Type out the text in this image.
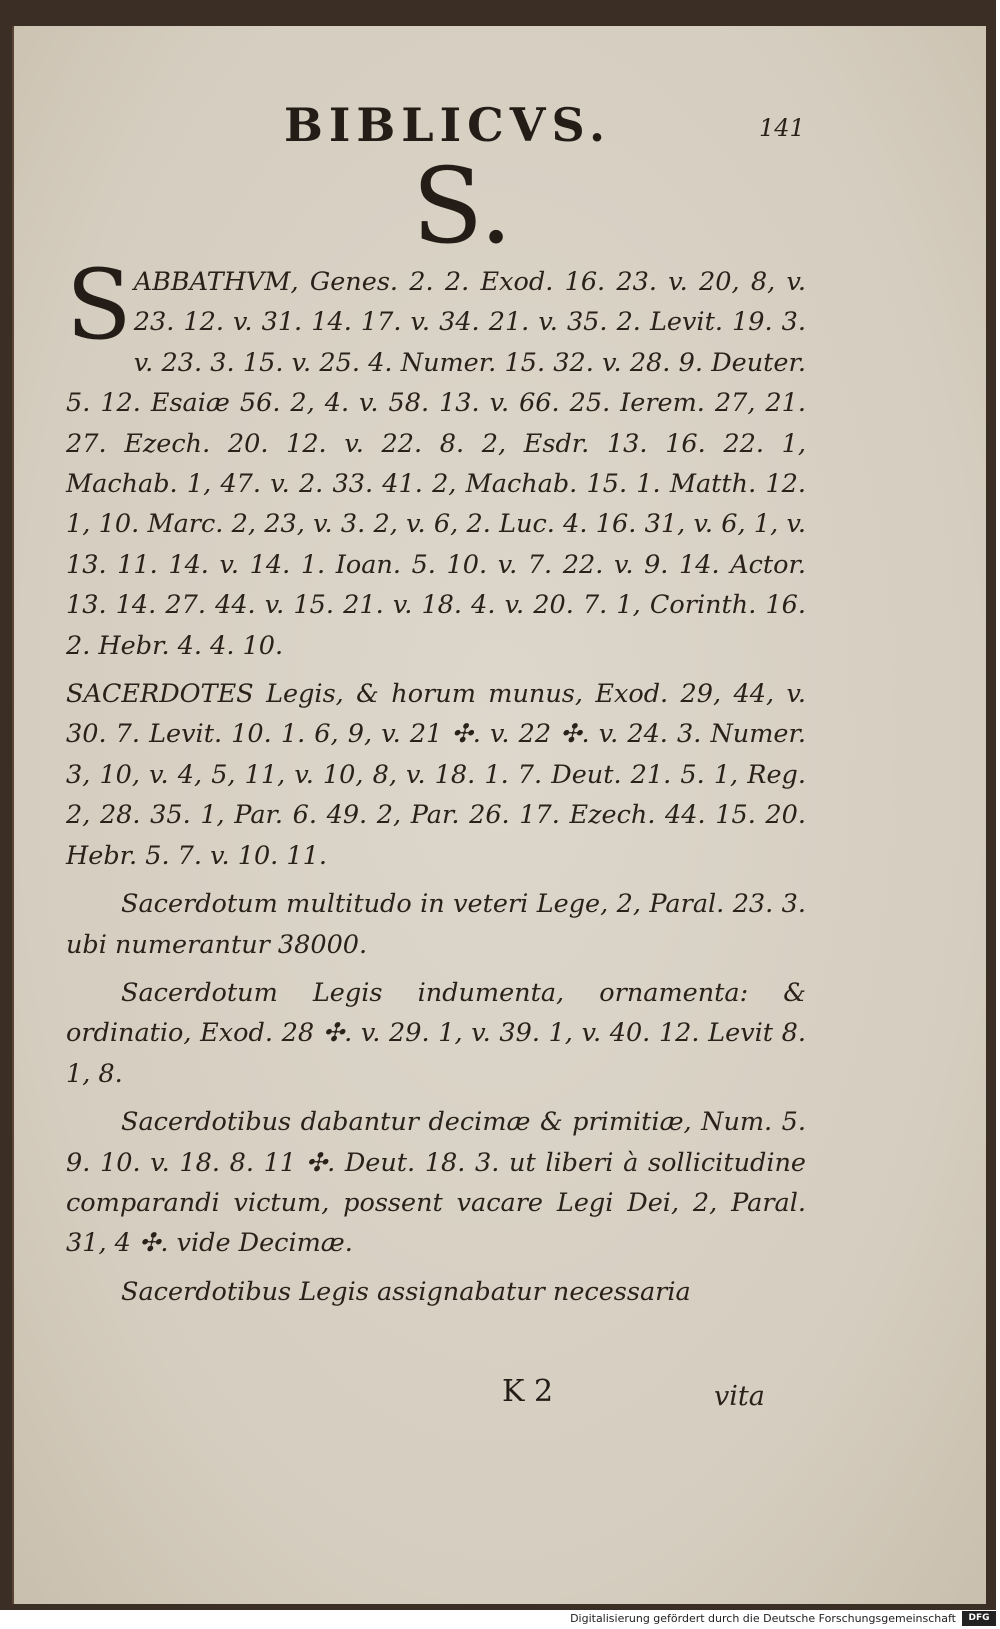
BIBLICVS.	141
S.

SABBATHVM, Genes. 2. 2. Exod. 16. 23. v. 20, 8, v. 23. 12. v. 31. 14. 17. v. 34. 21. v. 35. 2. Levit. 19. 3. v. 23. 3. 15. v. 25. 4. Numer. 15. 32. v. 28. 9. Deuter. 5. 12. Esaiæ 56. 2, 4. v. 58. 13. v. 66. 25. Ierem. 27, 21. 27. Ezech. 20. 12. v. 22. 8. 2, Esdr. 13. 16. 22. 1, Machab. 1, 47. v. 2. 33. 41. 2, Machab. 15. 1. Matth. 12. 1, 10. Marc. 2, 23, v. 3. 2, v. 6, 2. Luc. 4. 16. 31, v. 6, 1, v. 13. 11. 14. v. 14. 1. Ioan. 5. 10. v. 7. 22. v. 9. 14. Actor. 13. 14. 27. 44. v. 15. 21. v. 18. 4. v. 20. 7. 1, Corinth. 16. 2. Hebr. 4. 4. 10.

SACERDOTES Legis, & horum munus, Exod. 29, 44, v. 30. 7. Levit. 10. 1. 6, 9, v. 21 ✣. v. 22 ✣. v. 24. 3. Numer. 3, 10, v. 4, 5, 11, v. 10, 8, v. 18. 1. 7. Deut. 21. 5. 1, Reg. 2, 28. 35. 1, Par. 6. 49. 2, Par. 26. 17. Ezech. 44. 15. 20. Hebr. 5. 7. v. 10. 11.

Sacerdotum multitudo in veteri Lege, 2, Paral. 23. 3. ubi numerantur 38000.

Sacerdotum Legis indumenta, ornamenta: & ordinatio, Exod. 28 ✣. v. 29. 1, v. 39. 1, v. 40. 12. Levit 8. 1, 8.

Sacerdotibus dabantur decimæ & primitiæ, Num. 5. 9. 10. v. 18. 8. 11 ✣. Deut. 18. 3. ut liberi à sollicitudine comparandi victum, possent vacare Legi Dei, 2, Paral. 31, 4 ✣. vide Decimæ.

Sacerdotibus Legis assignabatur necessaria

K 2	vita
Digitalisierung gefördert durch die Deutsche Forschungsgemeinschaft	DFG
